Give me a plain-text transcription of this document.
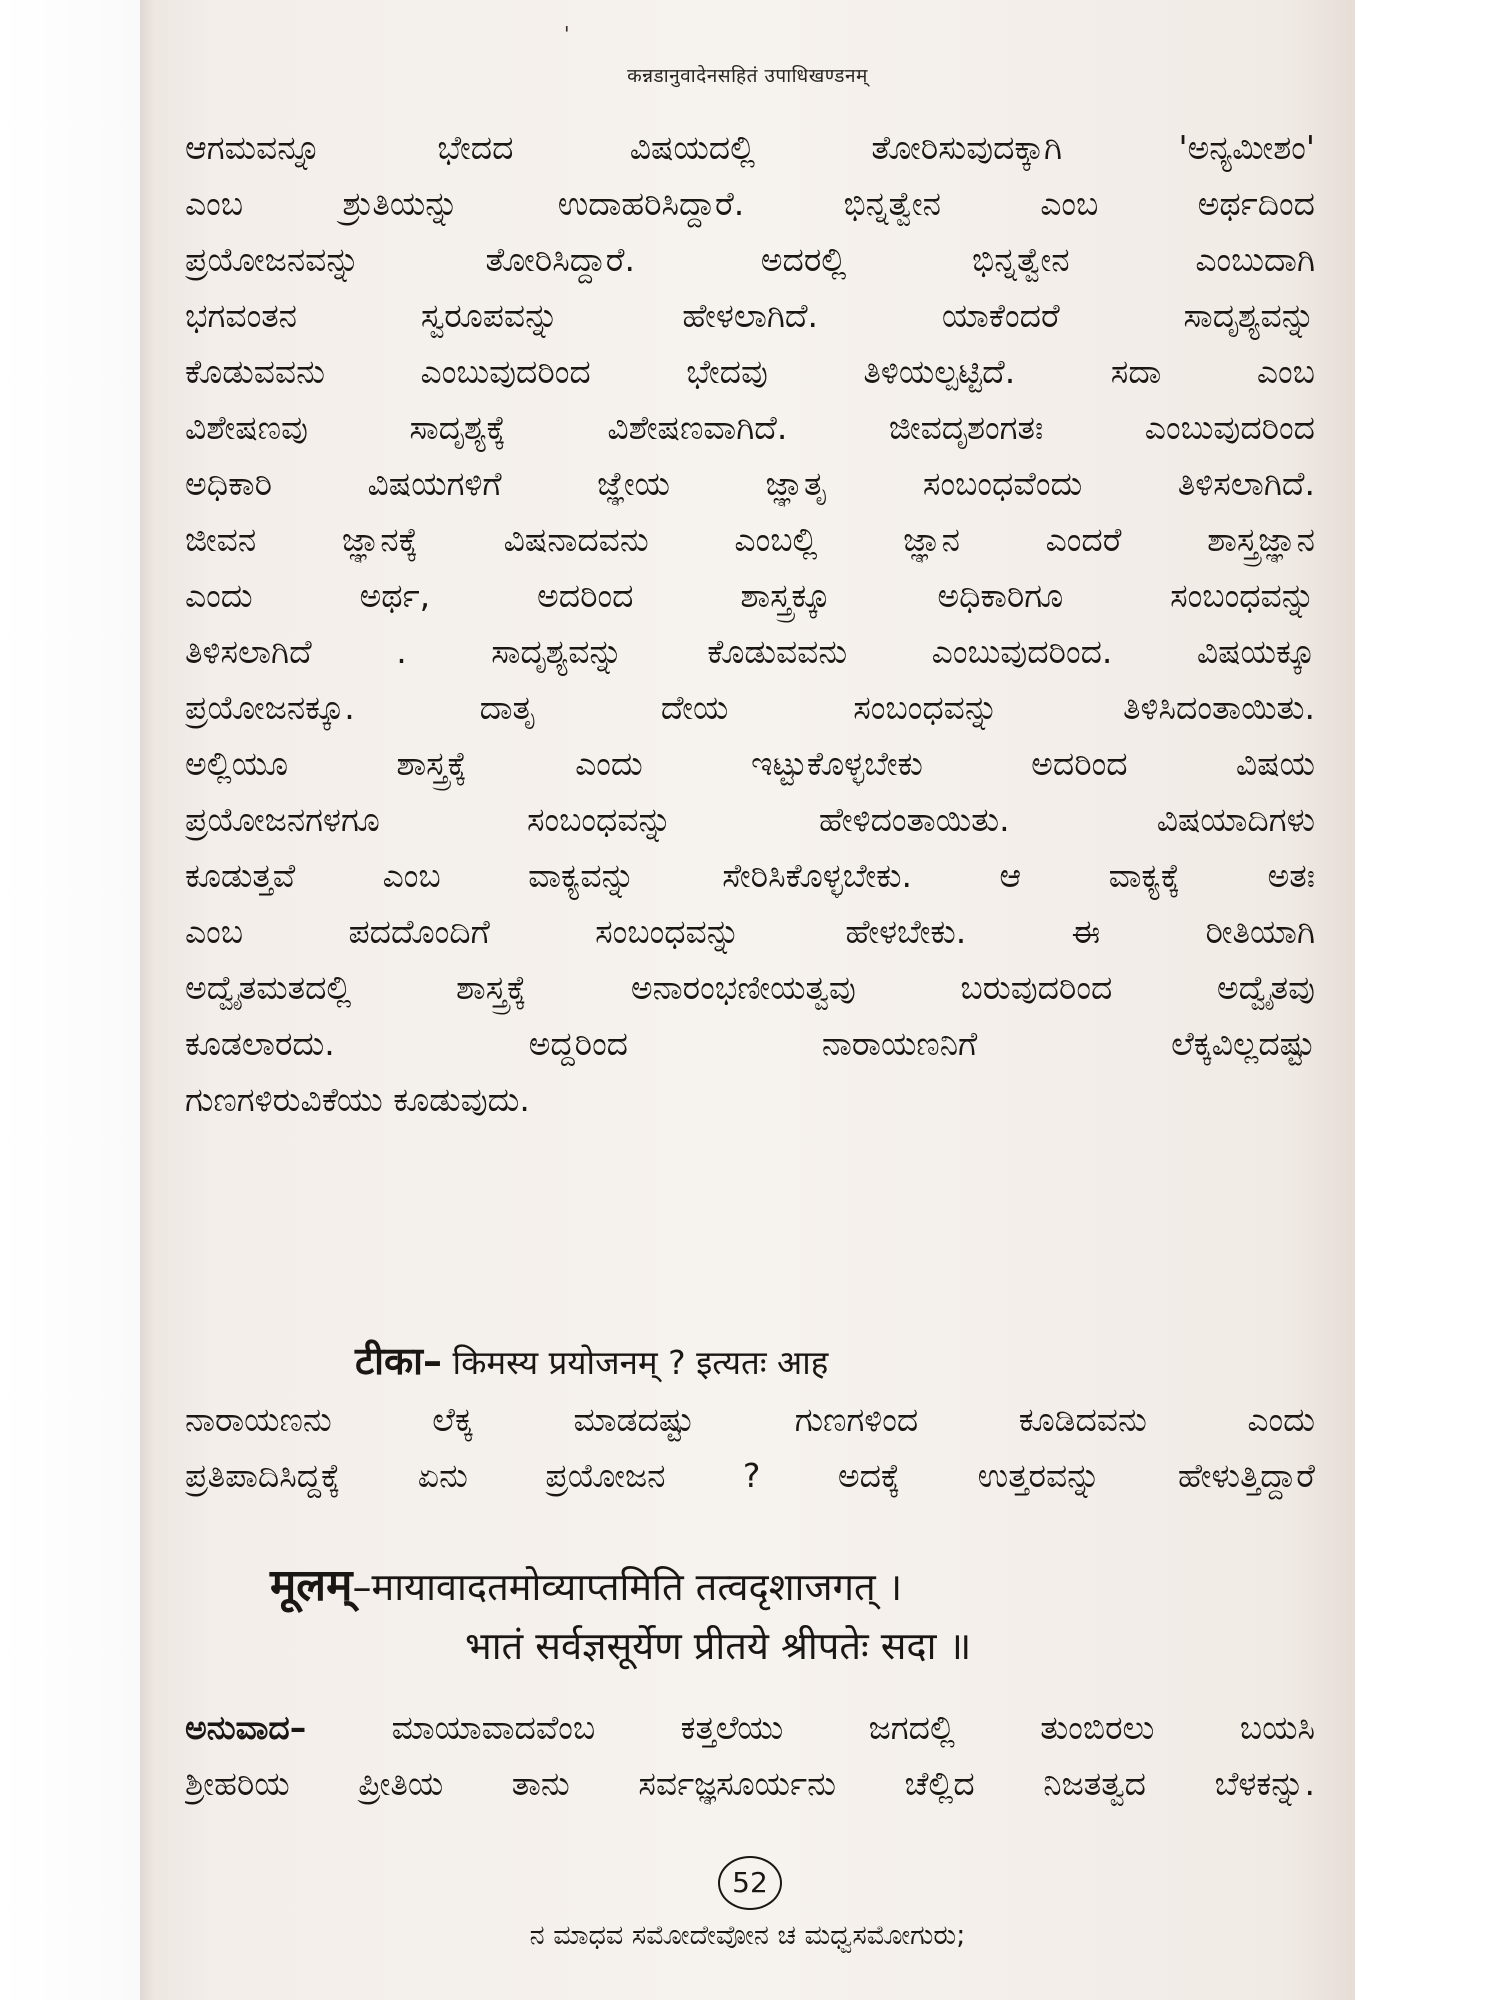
'
कन्नडानुवादेनसहितं उपाधिखण्डनम्
ಆಗಮವನ್ನೂ ಭೇದದ ವಿಷಯದಲ್ಲಿ ತೋರಿಸುವುದಕ್ಕಾಗಿ 'ಅನ್ಯಮೀಶಂ'
ಎಂಬ ಶ್ರುತಿಯನ್ನು ಉದಾಹರಿಸಿದ್ದಾರೆ. ಭಿನ್ನತ್ವೇನ ಎಂಬ ಅರ್ಥದಿಂದ
ಪ್ರಯೋಜನವನ್ನು ತೋರಿಸಿದ್ದಾರೆ. ಅದರಲ್ಲಿ ಭಿನ್ನತ್ವೇನ ಎಂಬುದಾಗಿ
ಭಗವಂತನ ಸ್ವರೂಪವನ್ನು ಹೇಳಲಾಗಿದೆ. ಯಾಕೆಂದರೆ ಸಾದೃಶ್ಯವನ್ನು
ಕೊಡುವವನು ಎಂಬುವುದರಿಂದ ಭೇದವು ತಿಳಿಯಲ್ಪಟ್ಟಿದೆ. ಸದಾ ಎಂಬ
ವಿಶೇಷಣವು ಸಾದೃಶ್ಯಕ್ಕೆ ವಿಶೇಷಣವಾಗಿದೆ. ಜೀವದೃಶಂಗತಃ ಎಂಬುವುದರಿಂದ
ಅಧಿಕಾರಿ ವಿಷಯಗಳಿಗೆ ಜ್ಞೇಯ ಜ್ಞಾತೃ ಸಂಬಂಧವೆಂದು ತಿಳಿಸಲಾಗಿದೆ.
ಜೀವನ ಜ್ಞಾನಕ್ಕೆ ವಿಷನಾದವನು ಎಂಬಲ್ಲಿ ಜ್ಞಾನ ಎಂದರೆ ಶಾಸ್ತ್ರಜ್ಞಾನ
ಎಂದು ಅರ್ಥ, ಅದರಿಂದ ಶಾಸ್ತ್ರಕ್ಕೂ ಅಧಿಕಾರಿಗೂ ಸಂಬಂಧವನ್ನು
ತಿಳಿಸಲಾಗಿದೆ . ಸಾದೃಶ್ಯವನ್ನು ಕೊಡುವವನು ಎಂಬುವುದರಿಂದ. ವಿಷಯಕ್ಕೂ
ಪ್ರಯೋಜನಕ್ಕೂ. ದಾತೃ ದೇಯ ಸಂಬಂಧವನ್ನು ತಿಳಿಸಿದಂತಾಯಿತು.
ಅಲ್ಲಿಯೂ ಶಾಸ್ತ್ರಕ್ಕೆ ಎಂದು ಇಟ್ಟುಕೊಳ್ಳಬೇಕು ಅದರಿಂದ ವಿಷಯ
ಪ್ರಯೋಜನಗಳಗೂ ಸಂಬಂಧವನ್ನು ಹೇಳಿದಂತಾಯಿತು. ವಿಷಯಾದಿಗಳು
ಕೂಡುತ್ತವೆ ಎಂಬ ವಾಕ್ಯವನ್ನು ಸೇರಿಸಿಕೊಳ್ಳಬೇಕು. ಆ ವಾಕ್ಯಕ್ಕೆ ಅತಃ
ಎಂಬ ಪದದೊಂದಿಗೆ ಸಂಬಂಧವನ್ನು ಹೇಳಬೇಕು. ಈ ರೀತಿಯಾಗಿ
ಅದ್ವೈತಮತದಲ್ಲಿ ಶಾಸ್ತ್ರಕ್ಕೆ ಅನಾರಂಭಣೀಯತ್ವವು ಬರುವುದರಿಂದ ಅದ್ವೈತವು
ಕೂಡಲಾರದು. ಅದ್ದರಿಂದ ನಾರಾಯಣನಿಗೆ ಲೆಕ್ಕವಿಲ್ಲದಷ್ಟು
ಗುಣಗಳಿರುವಿಕೆಯು ಕೂಡುವುದು.
टीका– किमस्य प्रयोजनम् ? इत्यतः आह
ನಾರಾಯಣನು ಲೆಕ್ಕ ಮಾಡದಷ್ಟು ಗುಣಗಳಿಂದ ಕೂಡಿದವನು ಎಂದು
ಪ್ರತಿಪಾದಿಸಿದ್ದಕ್ಕೆ ಏನು ಪ್ರಯೋಜನ ? ಅದಕ್ಕೆ ಉತ್ತರವನ್ನು ಹೇಳುತ್ತಿದ್ದಾರೆ
मूलम्–मायावादतमोव्याप्तमिति तत्वदृशाजगत् ।
भातं सर्वज्ञसूर्येण प्रीतये श्रीपतेः सदा ॥
ಅನುವಾದ– ಮಾಯಾವಾದವೆಂಬ ಕತ್ತಲೆಯು ಜಗದಲ್ಲಿ ತುಂಬಿರಲು ಬಯಸಿ
ಶ್ರೀಹರಿಯ ಪ್ರೀತಿಯ ತಾನು ಸರ್ವಜ್ಞಸೂರ್ಯನು ಚೆಲ್ಲಿದ ನಿಜತತ್ವದ ಬೆಳಕನ್ನು.
52
ನ ಮಾಧವ ಸಮೋದೇವೋನ ಚ ಮಧ್ವಸಮೋಗುರು;
